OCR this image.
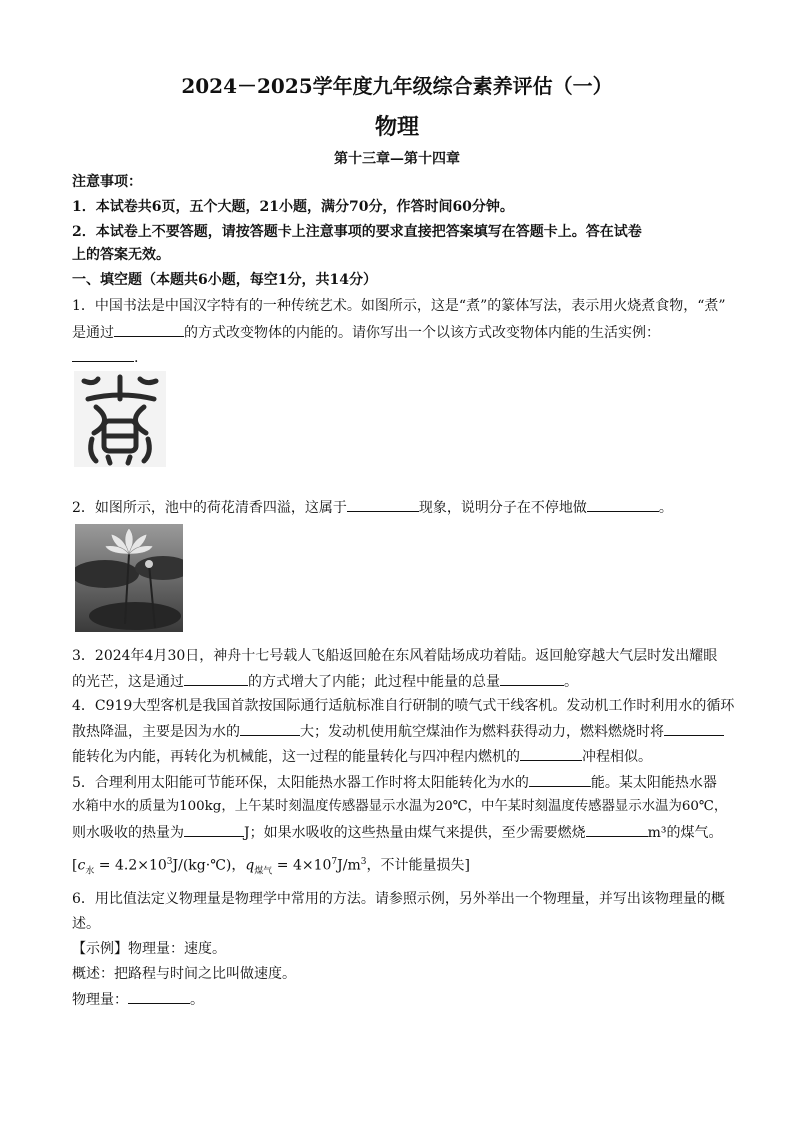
2024－2025学年度九年级综合素养评估（一）
物理
第十三章—第十四章
注意事项：
1．本试卷共6页，五个大题，21小题，满分70分，作答时间60分钟。
2．本试卷上不要答题，请按答题卡上注意事项的要求直接把答案填写在答题卡上。答在试卷
上的答案无效。
一、填空题（本题共6小题，每空1分，共14分）
1．中国书法是中国汉字特有的一种传统艺术。如图所示，这是“煮”的篆体写法，表示用火烧煮食物，“煮”
是通过	的方式改变物体的内能的。请你写出一个以该方式改变物体内能的生活实例：
.
2．如图所示，池中的荷花清香四溢，这属于	现象，说明分子在不停地做	。
3．2024年4月30日，神舟十七号载人飞船返回舱在东风着陆场成功着陆。返回舱穿越大气层时发出耀眼
的光芒，这是通过	的方式增大了内能；此过程中能量的总量	。
4．C919大型客机是我国首款按国际通行适航标准自行研制的喷气式干线客机。发动机工作时利用水的循环
散热降温，主要是因为水的	大；发动机使用航空煤油作为燃料获得动力，燃料燃烧时将
能转化为内能，再转化为机械能，这一过程的能量转化与四冲程内燃机的	冲程相似。
5．合理利用太阳能可节能环保，太阳能热水器工作时将太阳能转化为水的	能。某太阳能热水器
水箱中水的质量为100kg，上午某时刻温度传感器显示水温为20℃，中午某时刻温度传感器显示水温为60℃，
则水吸收的热量为	J；如果水吸收的这些热量由煤气来提供，至少需要燃烧	m³的煤气。
[$c_水$ = $4.2\times 10^3J/(kg\cdot℃)$，$q_{煤气} = 4\times 10^7J/m^3$，不计能量损失]
6．用比值法定义物理量是物理学中常用的方法。请参照示例，另外举出一个物理量，并写出该物理量的概
述。
【示例】物理量：速度。
概述：把路程与时间之比叫做速度。
物理量：	。
